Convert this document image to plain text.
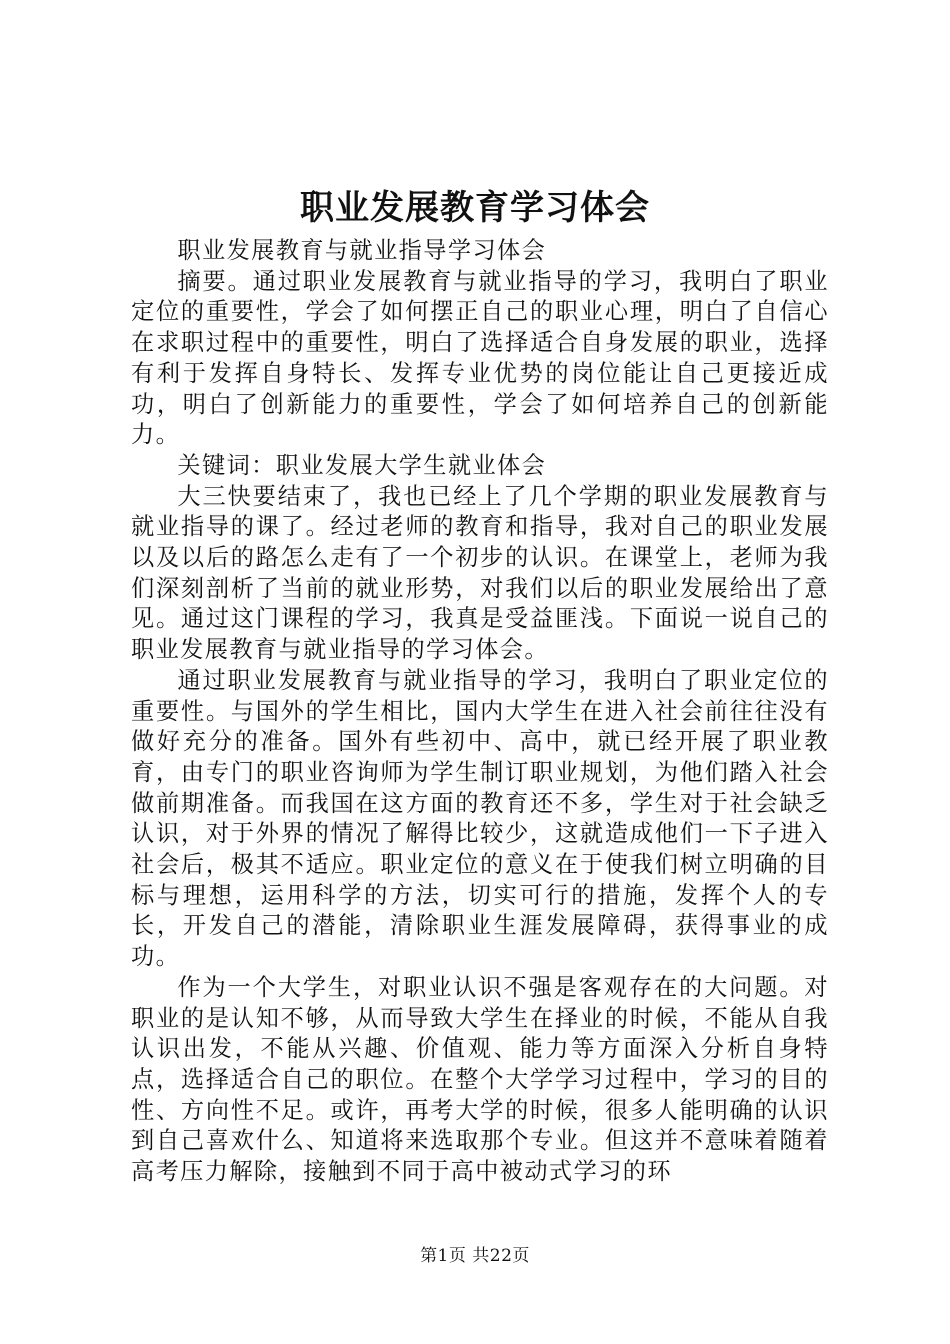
职业发展教育学习体会

职业发展教育与就业指导学习体会

摘要。通过职业发展教育与就业指导的学习，我明白了职业定位的重要性，学会了如何摆正自己的职业心理，明白了自信心在求职过程中的重要性，明白了选择适合自身发展的职业，选择有利于发挥自身特长、发挥专业优势的岗位能让自己更接近成功，明白了创新能力的重要性，学会了如何培养自己的创新能力。

关键词：职业发展大学生就业体会

大三快要结束了，我也已经上了几个学期的职业发展教育与就业指导的课了。经过老师的教育和指导，我对自己的职业发展以及以后的路怎么走有了一个初步的认识。在课堂上，老师为我们深刻剖析了当前的就业形势，对我们以后的职业发展给出了意见。通过这门课程的学习，我真是受益匪浅。下面说一说自己的职业发展教育与就业指导的学习体会。

通过职业发展教育与就业指导的学习，我明白了职业定位的重要性。与国外的学生相比，国内大学生在进入社会前往往没有做好充分的准备。国外有些初中、高中，就已经开展了职业教育，由专门的职业咨询师为学生制订职业规划，为他们踏入社会做前期准备。而我国在这方面的教育还不多，学生对于社会缺乏认识，对于外界的情况了解得比较少，这就造成他们一下子进入社会后，极其不适应。职业定位的意义在于使我们树立明确的目标与理想，运用科学的方法，切实可行的措施，发挥个人的专长，开发自己的潜能，清除职业生涯发展障碍，获得事业的成功。

作为一个大学生，对职业认识不强是客观存在的大问题。对职业的是认知不够，从而导致大学生在择业的时候，不能从自我认识出发，不能从兴趣、价值观、能力等方面深入分析自身特点，选择适合自己的职位。在整个大学学习过程中，学习的目的性、方向性不足。或许，再考大学的时候，很多人能明确的认识到自己喜欢什么、知道将来选取那个专业。但这并不意味着随着高考压力解除，接触到不同于高中被动式学习的环

第1页 共22页
